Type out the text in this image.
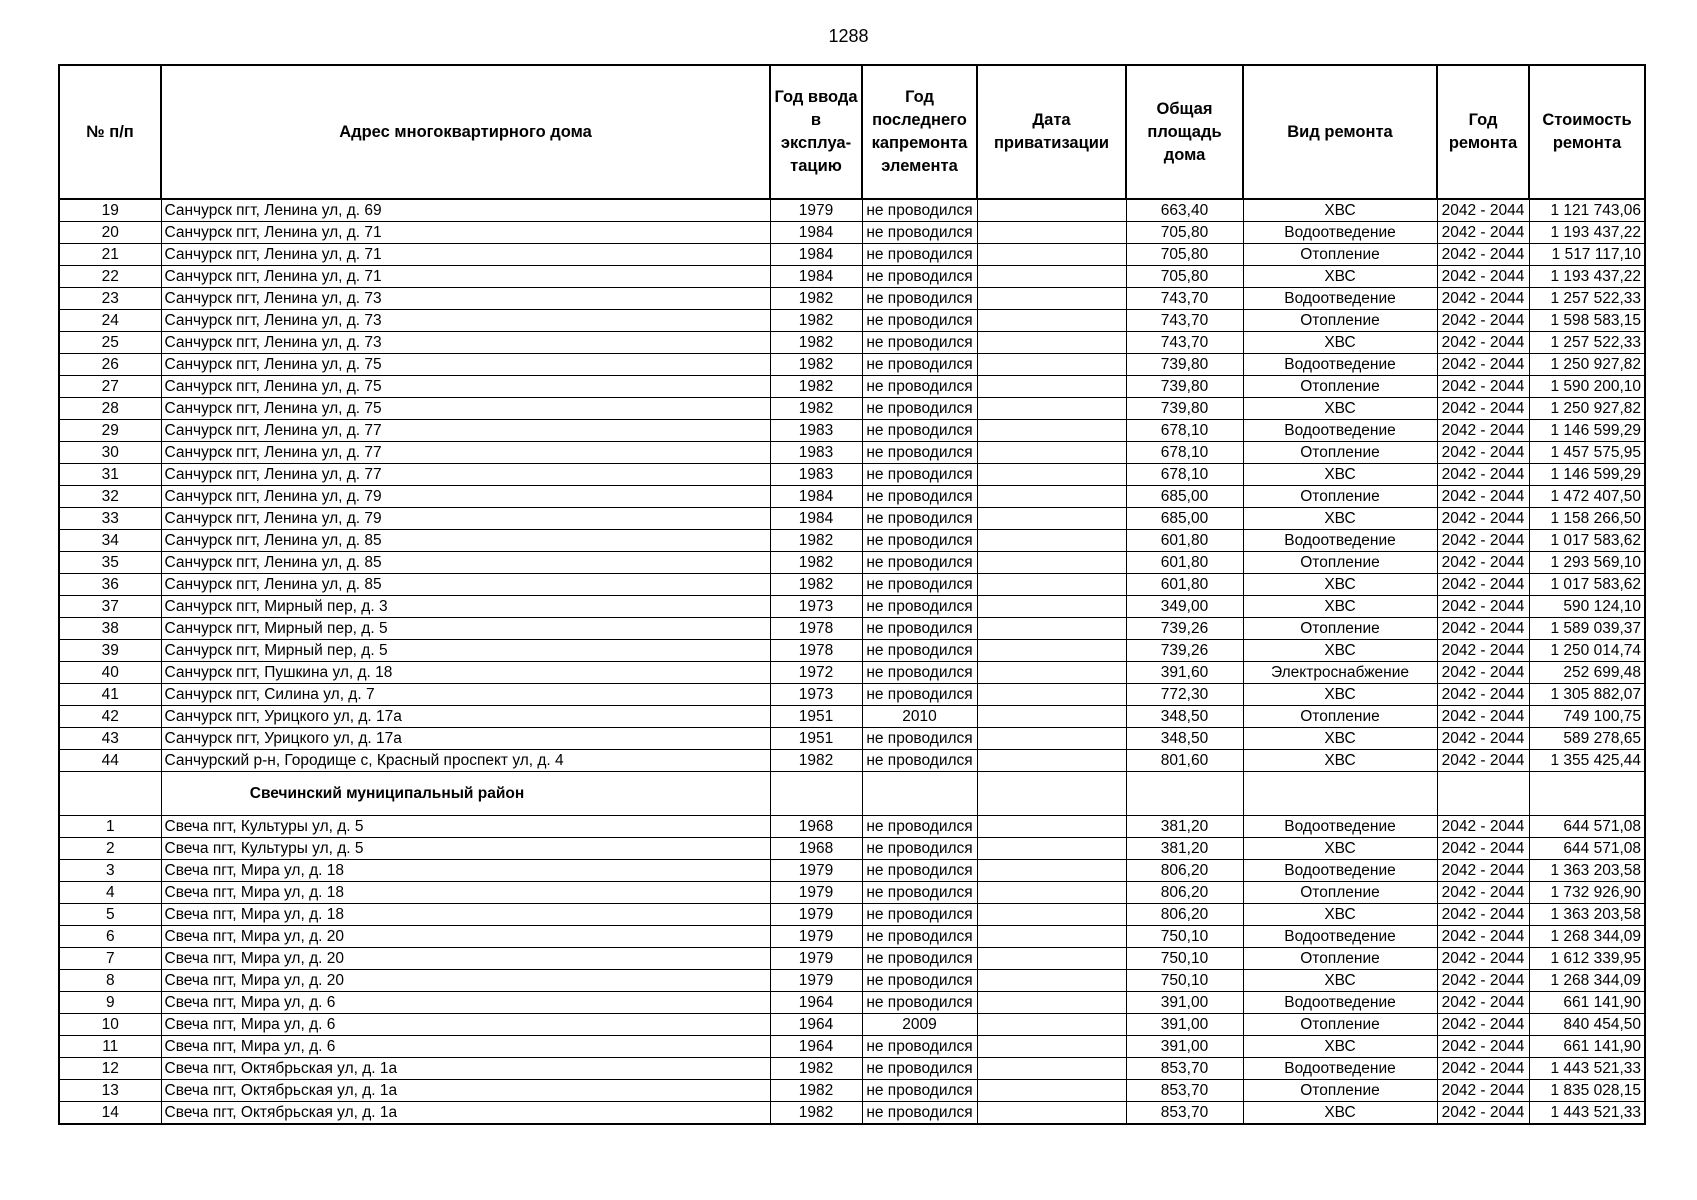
1288
№ п/п	Адрес многоквартирного дома	Год ввода в эксплуа-тацию	Год последнего капремонта элемента	Дата приватизации	Общая площадь дома	Вид ремонта	Год ремонта	Стоимость ремонта
19	Санчурск пгт, Ленина ул, д. 69	1979	не проводился		663,40	ХВС	2042 - 2044	1 121 743,06
20	Санчурск пгт, Ленина ул, д. 71	1984	не проводился		705,80	Водоотведение	2042 - 2044	1 193 437,22
21	Санчурск пгт, Ленина ул, д. 71	1984	не проводился		705,80	Отопление	2042 - 2044	1 517 117,10
22	Санчурск пгт, Ленина ул, д. 71	1984	не проводился		705,80	ХВС	2042 - 2044	1 193 437,22
23	Санчурск пгт, Ленина ул, д. 73	1982	не проводился		743,70	Водоотведение	2042 - 2044	1 257 522,33
24	Санчурск пгт, Ленина ул, д. 73	1982	не проводился		743,70	Отопление	2042 - 2044	1 598 583,15
25	Санчурск пгт, Ленина ул, д. 73	1982	не проводился		743,70	ХВС	2042 - 2044	1 257 522,33
26	Санчурск пгт, Ленина ул, д. 75	1982	не проводился		739,80	Водоотведение	2042 - 2044	1 250 927,82
27	Санчурск пгт, Ленина ул, д. 75	1982	не проводился		739,80	Отопление	2042 - 2044	1 590 200,10
28	Санчурск пгт, Ленина ул, д. 75	1982	не проводился		739,80	ХВС	2042 - 2044	1 250 927,82
29	Санчурск пгт, Ленина ул, д. 77	1983	не проводился		678,10	Водоотведение	2042 - 2044	1 146 599,29
30	Санчурск пгт, Ленина ул, д. 77	1983	не проводился		678,10	Отопление	2042 - 2044	1 457 575,95
31	Санчурск пгт, Ленина ул, д. 77	1983	не проводился		678,10	ХВС	2042 - 2044	1 146 599,29
32	Санчурск пгт, Ленина ул, д. 79	1984	не проводился		685,00	Отопление	2042 - 2044	1 472 407,50
33	Санчурск пгт, Ленина ул, д. 79	1984	не проводился		685,00	ХВС	2042 - 2044	1 158 266,50
34	Санчурск пгт, Ленина ул, д. 85	1982	не проводился		601,80	Водоотведение	2042 - 2044	1 017 583,62
35	Санчурск пгт, Ленина ул, д. 85	1982	не проводился		601,80	Отопление	2042 - 2044	1 293 569,10
36	Санчурск пгт, Ленина ул, д. 85	1982	не проводился		601,80	ХВС	2042 - 2044	1 017 583,62
37	Санчурск пгт, Мирный пер, д. 3	1973	не проводился		349,00	ХВС	2042 - 2044	590 124,10
38	Санчурск пгт, Мирный пер, д. 5	1978	не проводился		739,26	Отопление	2042 - 2044	1 589 039,37
39	Санчурск пгт, Мирный пер, д. 5	1978	не проводился		739,26	ХВС	2042 - 2044	1 250 014,74
40	Санчурск пгт, Пушкина ул, д. 18	1972	не проводился		391,60	Электроснабжение	2042 - 2044	252 699,48
41	Санчурск пгт, Силина ул, д. 7	1973	не проводился		772,30	ХВС	2042 - 2044	1 305 882,07
42	Санчурск пгт, Урицкого ул, д. 17а	1951	2010		348,50	Отопление	2042 - 2044	749 100,75
43	Санчурск пгт, Урицкого ул, д. 17а	1951	не проводился		348,50	ХВС	2042 - 2044	589 278,65
44	Санчурский р-н, Городище с, Красный проспект ул, д. 4	1982	не проводился		801,60	ХВС	2042 - 2044	1 355 425,44
	Свечинский муниципальный район							
1	Свеча пгт, Культуры ул, д. 5	1968	не проводился		381,20	Водоотведение	2042 - 2044	644 571,08
2	Свеча пгт, Культуры ул, д. 5	1968	не проводился		381,20	ХВС	2042 - 2044	644 571,08
3	Свеча пгт, Мира ул, д. 18	1979	не проводился		806,20	Водоотведение	2042 - 2044	1 363 203,58
4	Свеча пгт, Мира ул, д. 18	1979	не проводился		806,20	Отопление	2042 - 2044	1 732 926,90
5	Свеча пгт, Мира ул, д. 18	1979	не проводился		806,20	ХВС	2042 - 2044	1 363 203,58
6	Свеча пгт, Мира ул, д. 20	1979	не проводился		750,10	Водоотведение	2042 - 2044	1 268 344,09
7	Свеча пгт, Мира ул, д. 20	1979	не проводился		750,10	Отопление	2042 - 2044	1 612 339,95
8	Свеча пгт, Мира ул, д. 20	1979	не проводился		750,10	ХВС	2042 - 2044	1 268 344,09
9	Свеча пгт, Мира ул, д. 6	1964	не проводился		391,00	Водоотведение	2042 - 2044	661 141,90
10	Свеча пгт, Мира ул, д. 6	1964	2009		391,00	Отопление	2042 - 2044	840 454,50
11	Свеча пгт, Мира ул, д. 6	1964	не проводился		391,00	ХВС	2042 - 2044	661 141,90
12	Свеча пгт, Октябрьская ул, д. 1а	1982	не проводился		853,70	Водоотведение	2042 - 2044	1 443 521,33
13	Свеча пгт, Октябрьская ул, д. 1а	1982	не проводился		853,70	Отопление	2042 - 2044	1 835 028,15
14	Свеча пгт, Октябрьская ул, д. 1а	1982	не проводился		853,70	ХВС	2042 - 2044	1 443 521,33
